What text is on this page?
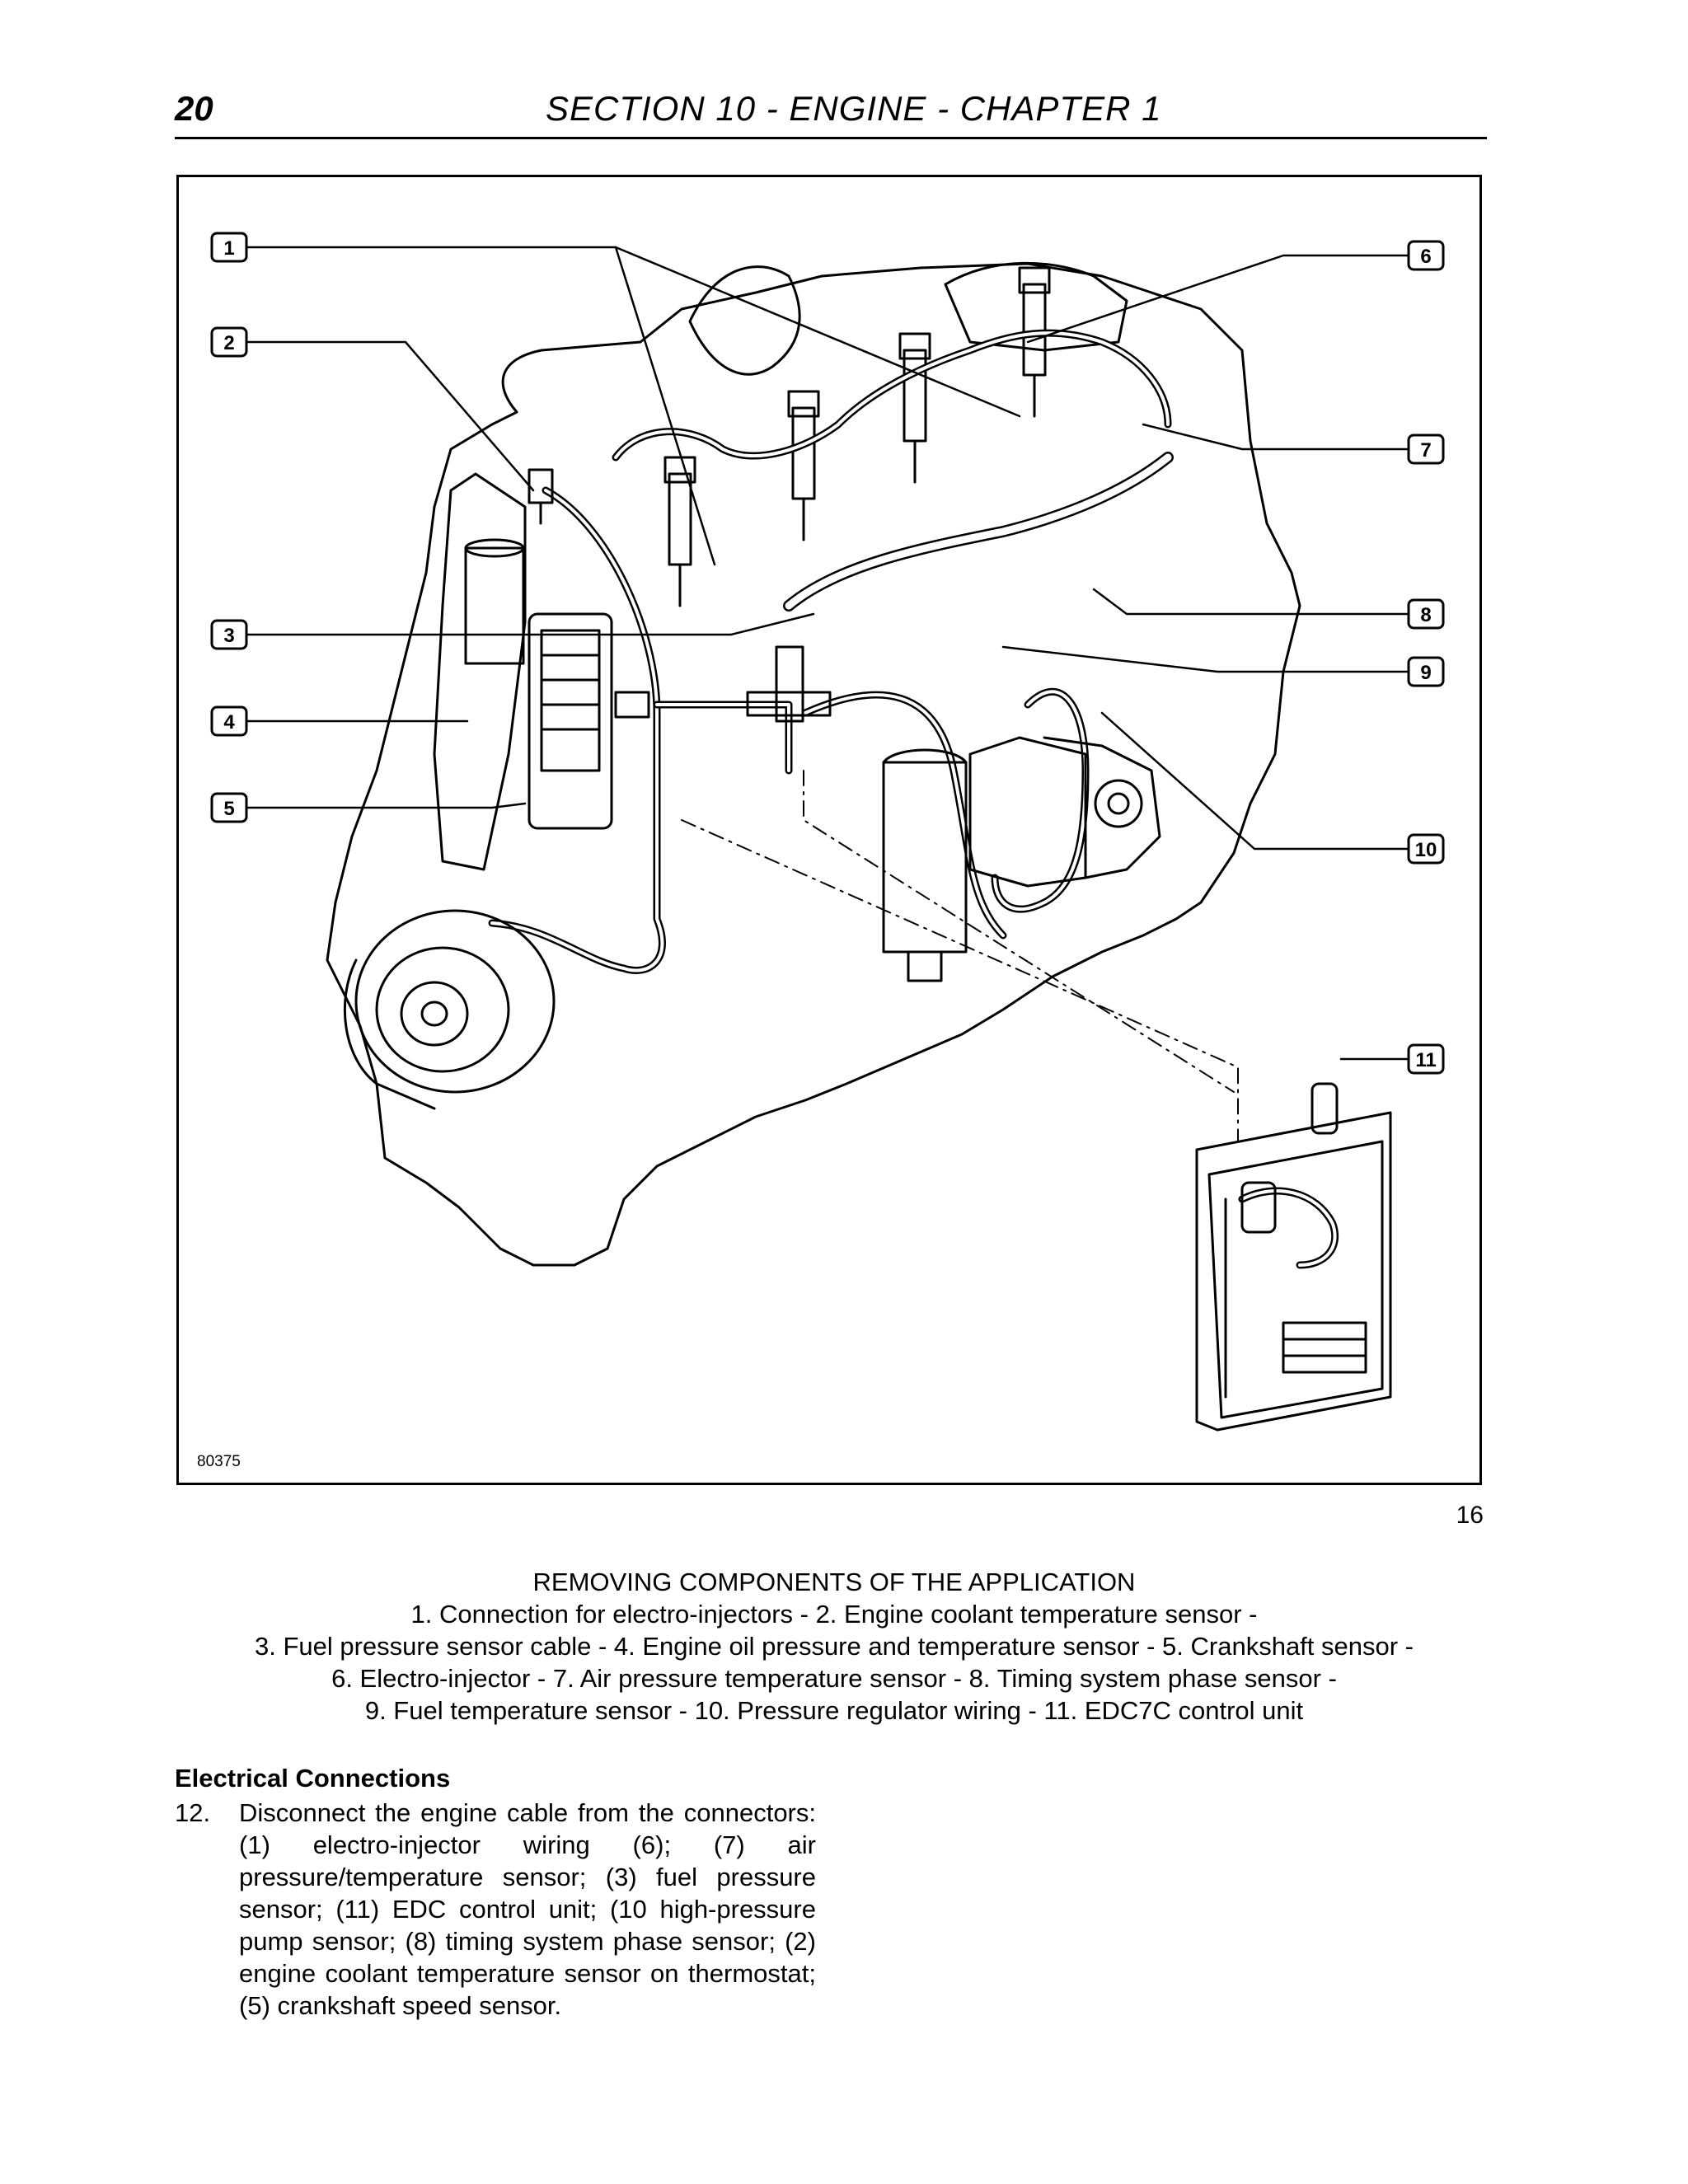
20	SECTION 10 - ENGINE - CHAPTER 1
1
2
3
4
5
6
7
8
9
10
11
80375
16
REMOVING COMPONENTS OF THE APPLICATION
1. Connection for electro-injectors - 2. Engine coolant temperature sensor -
3. Fuel pressure sensor cable - 4. Engine oil pressure and temperature sensor - 5. Crankshaft sensor -
6. Electro-injector - 7. Air pressure temperature sensor - 8. Timing system phase sensor -
9. Fuel temperature sensor - 10. Pressure regulator wiring - 11. EDC7C control unit
Electrical Connections
12. Disconnect the engine cable from the connectors: (1) electro-injector wiring (6); (7) air pressure/temperature sensor; (3) fuel pressure sensor; (11) EDC control unit; (10 high-pressure pump sensor; (8) timing system phase sensor; (2) engine coolant temperature sensor on thermostat; (5) crankshaft speed sensor.
